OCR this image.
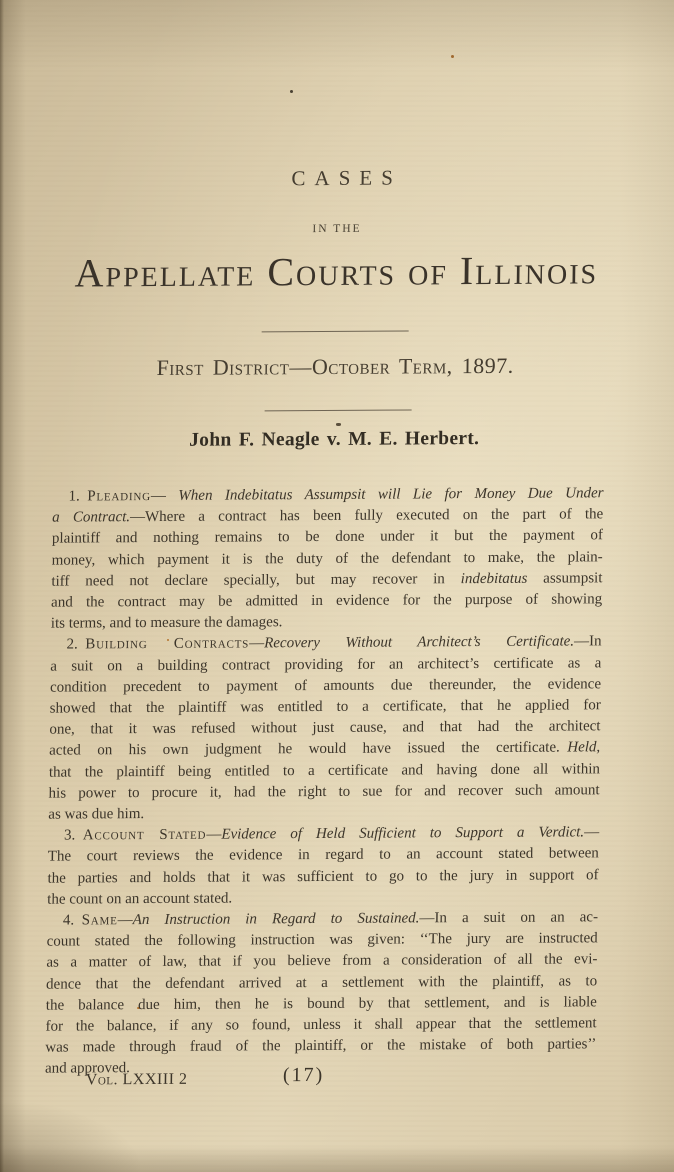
CASES
IN THE
Appellate Courts of Illinois
First District—October Term, 1897.
John F. Neagle v. M. E. Herbert.
1. Pleading— When Indebitatus Assumpsit will Lie for Money Due Under
a Contract.—Where a contract has been fully executed on the part of the
plaintiff and nothing remains to be done under it but the payment of
money, which payment it is the duty of the defendant to make, the plain-
tiff need not declare specially, but may recover in indebitatus assumpsit
and the contract may be admitted in evidence for the purpose of showing
its terms, and to measure the damages.
2. Building Contracts—Recovery Without Architect’s Certificate.—In
a suit on a building contract providing for an architect’s certificate as a
condition precedent to payment of amounts due thereunder, the evidence
showed that the plaintiff was entitled to a certificate, that he applied for
one, that it was refused without just cause, and that had the architect
acted on his own judgment he would have issued the certificate. Held,
that the plaintiff being entitled to a certificate and having done all within
his power to procure it, had the right to sue for and recover such amount
as was due him.
3. Account Stated—Evidence of Held Sufficient to Support a Verdict.—
The court reviews the evidence in regard to an account stated between
the parties and holds that it was sufficient to go to the jury in support of
the count on an account stated.
4. Same—An Instruction in Regard to Sustained.—In a suit on an ac-
count stated the following instruction was given: ‘‘The jury are instructed
as a matter of law, that if you believe from a consideration of all the evi-
dence that the defendant arrived at a settlement with the plaintiff, as to
the balance due him, then he is bound by that settlement, and is liable
for the balance, if any so found, unless it shall appear that the settlement
was made through fraud of the plaintiff, or the mistake of both parties’’
and approved.
Vol. LXXIII 2	(17)
